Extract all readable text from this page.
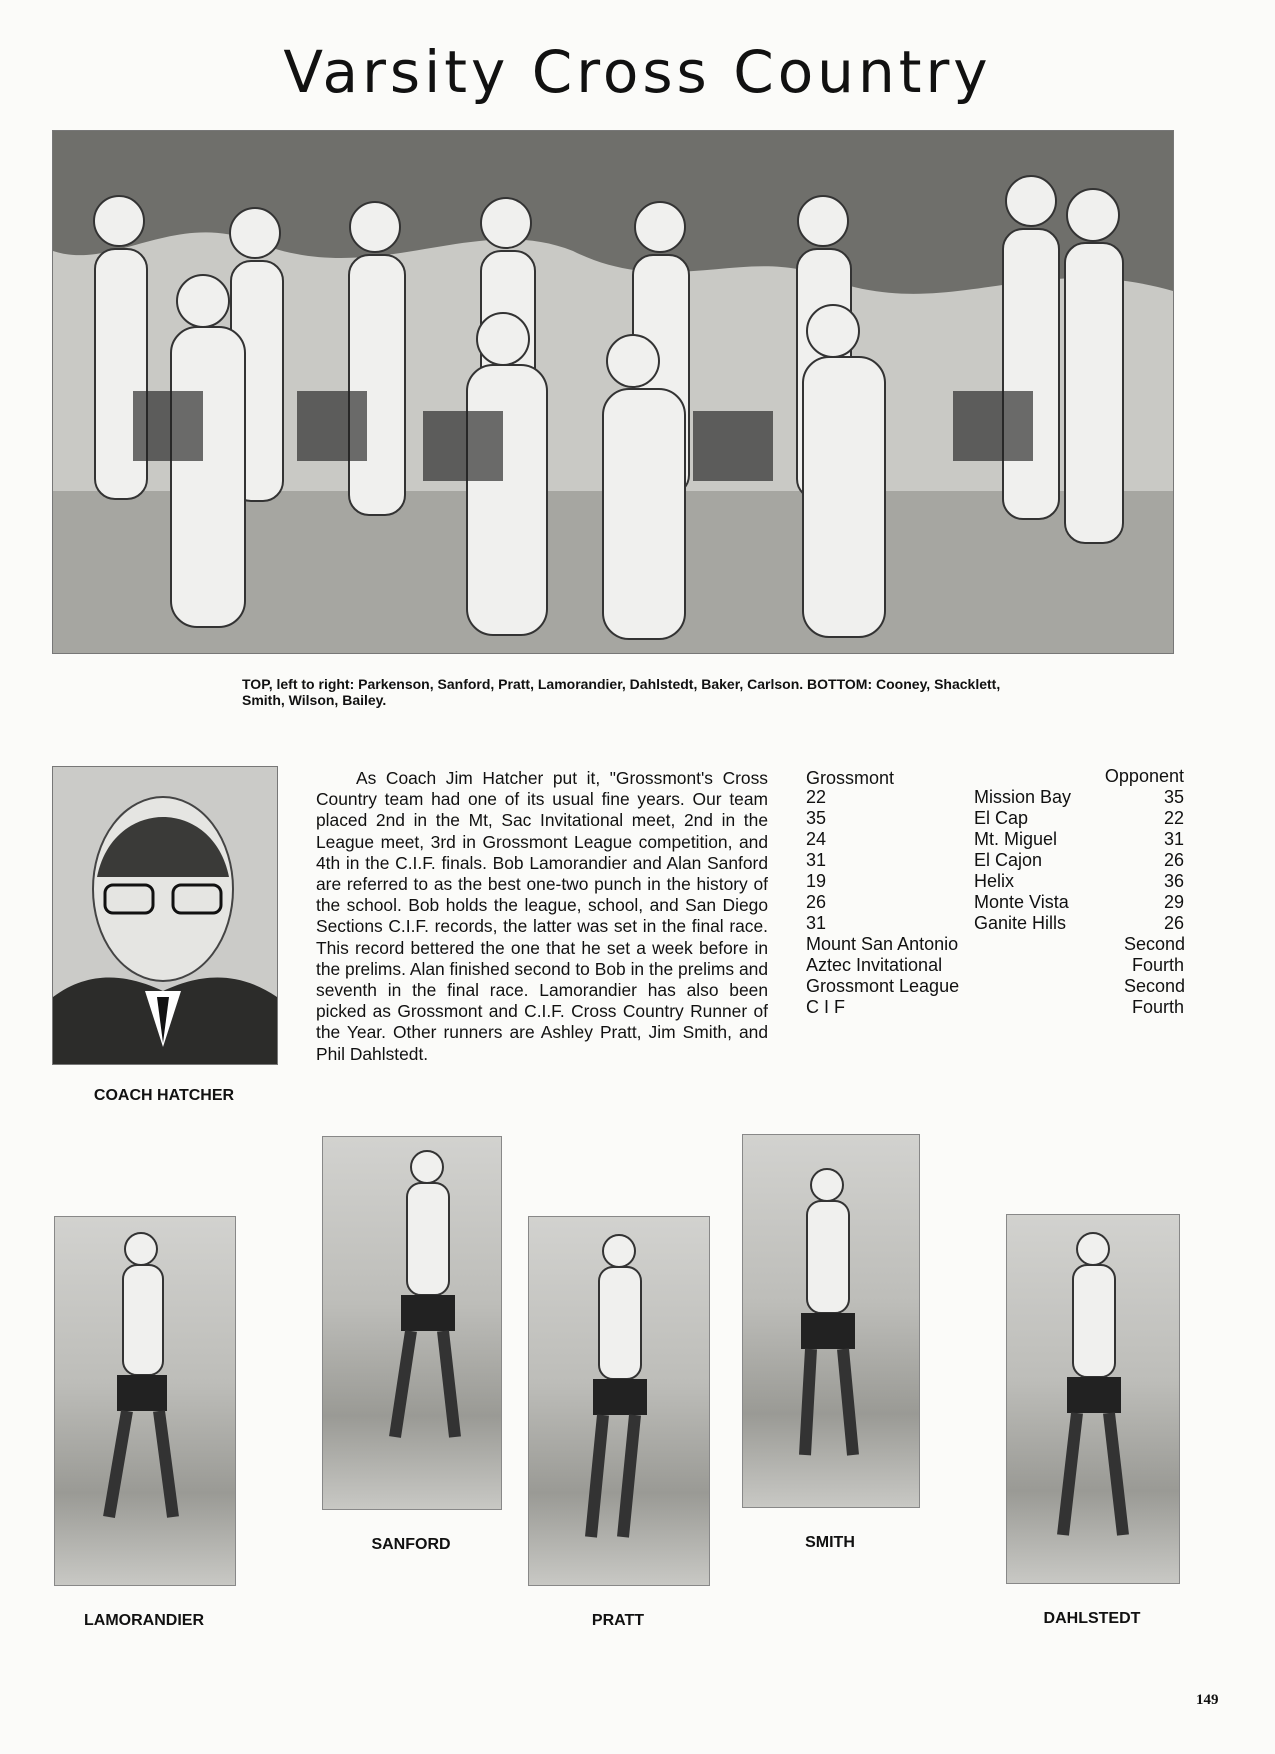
Varsity Cross Country

TOP, left to right: Parkenson, Sanford, Pratt, Lamorandier, Dahlstedt, Baker, Carlson. BOTTOM: Cooney, Shacklett, Smith, Wilson, Bailey.

COACH HATCHER

As Coach Jim Hatcher put it, "Grossmont's Cross Country team had one of its usual fine years. Our team placed 2nd in the Mt, Sac Invitational meet, 2nd in the League meet, 3rd in Grossmont League competition, and 4th in the C.I.F. finals. Bob Lamorandier and Alan Sanford are referred to as the best one-two punch in the history of the school. Bob holds the league, school, and San Diego Sections C.I.F. records, the latter was set in the final race. This record bettered the one that he set a week before in the prelims. Alan finished second to Bob in the prelims and seventh in the final race. Lamorandier has also been picked as Grossmont and C.I.F. Cross Country Runner of the Year. Other runners are Ashley Pratt, Jim Smith, and Phil Dahlstedt.

Grossmont	Opponent
22	Mission Bay	35
35	El Cap	22
24	Mt. Miguel	31
31	El Cajon	26
19	Helix	36
26	Monte Vista	29
31	Ganite Hills	26
Mount San Antonio	Second
Aztec Invitational	Fourth
Grossmont League	Second
C I F	Fourth

LAMORANDIER

SANFORD

PRATT

SMITH

DAHLSTEDT

149
